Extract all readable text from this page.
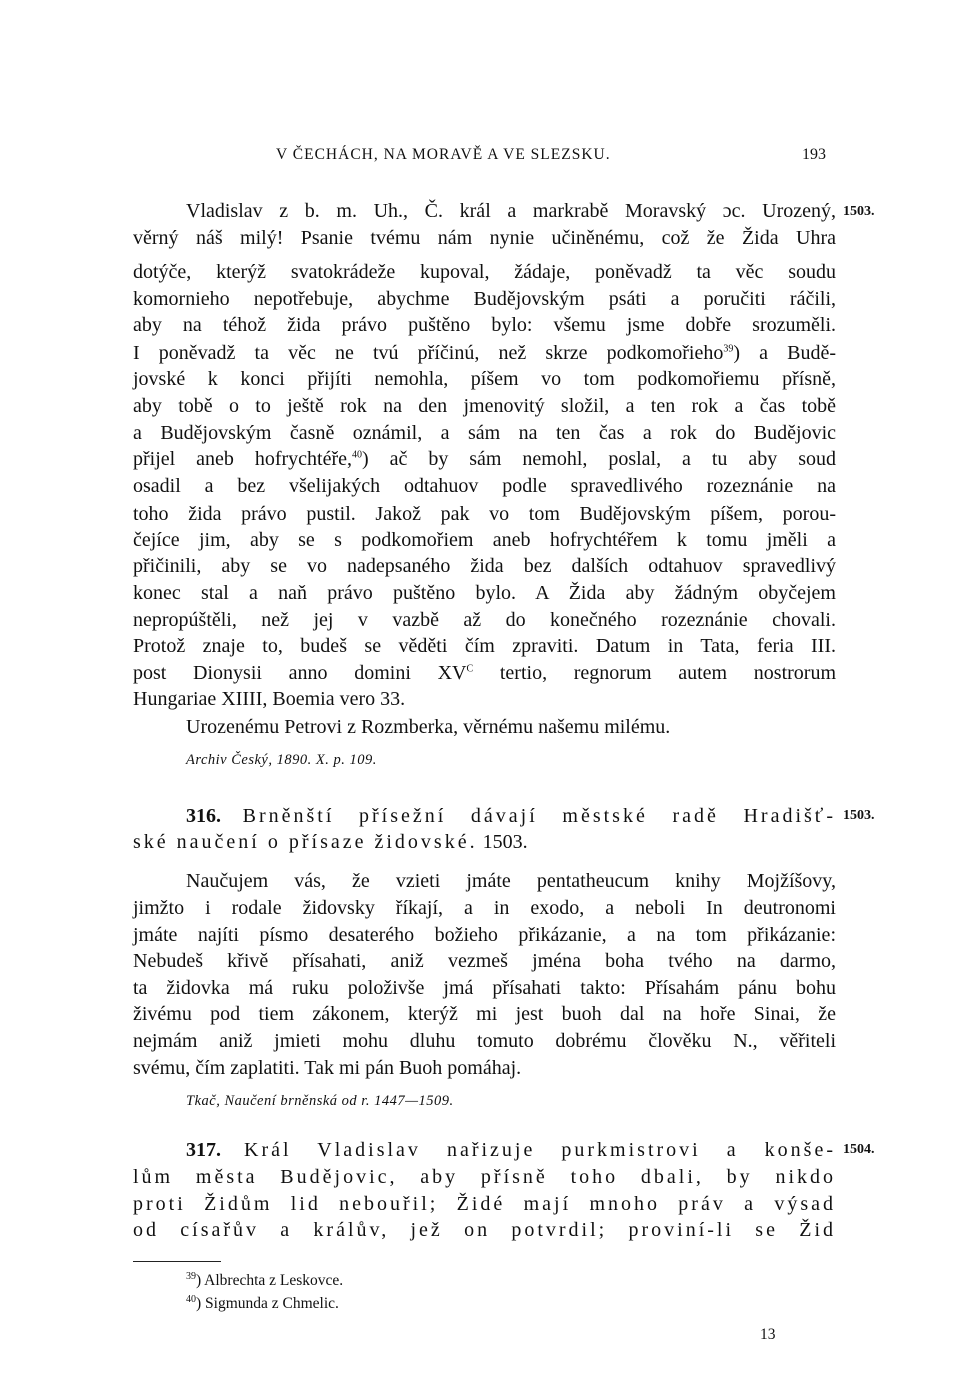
V ČECHÁCH, NA MORAVĚ A VE SLEZSKU.	193
1503.
1503.
1504.
Vladislav z b. m. Uh., Č. král a markrabě Moravský ɔc. Urozený,
věrný náš milý! Psanie tvému nám nynie učiněnému, což že Žida Uhra
dotýče, kterýž svatokrádeže kupoval, žádaje, poněvadž ta věc soudu
komornieho nepotřebuje, abychme Budějovským psáti a poručiti ráčili,
aby na téhož žida právo puštěno bylo: všemu jsme dobře srozuměli.
I poněvadž ta věc ne tvú příčinú, než skrze podkomořieho$^{39}$) a Budě-
jovské k konci přijíti nemohla, píšem vo tom podkomořiemu přísně,
aby tobě o to ještě rok na den jmenovitý složil, a ten rok a čas tobě
a Budějovským časně oznámil, a sám na ten čas a rok do Budějovic
přijel aneb hofrychtéře,$^{40}$) ač by sám nemohl, poslal, a tu aby soud
osadil a bez všelijakých odtahuov podle spravedlivého rozeznánie na
toho žida právo pustil. Jakož pak vo tom Budějovským píšem, porou-
čejíce jim, aby se s podkomořiem aneb hofrychtéřem k tomu jměli a
přičinili, aby se vo nadepsaného žida bez dalších odtahuov spravedlivý
konec stal a naň právo puštěno bylo. A Žida aby žádným obyčejem
nepropúštěli, než jej v vazbě až do konečného rozeznánie chovali.
Protož znaje to, budeš se věděti čím zpraviti. Datum in Tata, feria III.
post Dionysii anno domini $XV^C$ tertio, regnorum autem nostrorum
Hungariae XIIII, Boemia vero 33.
Urozenému Petrovi z Rozmberka, věrnému našemu milému.
Archiv Český, 1890. X. p. 109.
316. Brněnští přísežní dávají městské radě Hradišť-
ské naučení o přísaze židovské. 1503.
Naučujem vás, že vzieti jmáte pentatheucum knihy Mojžíšovy,
jimžto i rodale židovsky říkají, a in exodo, a neboli In deutronomi
jmáte najíti písmo desaterého božieho přikázanie, a na tom přikázanie:
Nebudeš křivě přísahati, aniž vezmeš jména boha tvého na darmo,
ta židovka má ruku položivše jmá přísahati takto: Přísahám pánu bohu
živému pod tiem zákonem, kterýž mi jest buoh dal na hoře Sinai, že
nejmám aniž jmieti mohu dluhu tomuto dobrému člověku N., věřiteli
svému, čím zaplatiti. Tak mi pán Buoh pomáhaj.
Tkač, Naučení brněnská od r. 1447—1509.
317. Král Vladislav nařizuje purkmistrovi a konše-
lům města Budějovic, aby přísně toho dbali, by nikdo
proti Židům lid nebouřil; Židé mají mnoho práv a výsad
od císařův a králův, jež on potvrdil; proviní-li se Žid
$^{39}$) Albrechta z Leskovce.
$^{40}$) Sigmunda z Chmelic.
13
